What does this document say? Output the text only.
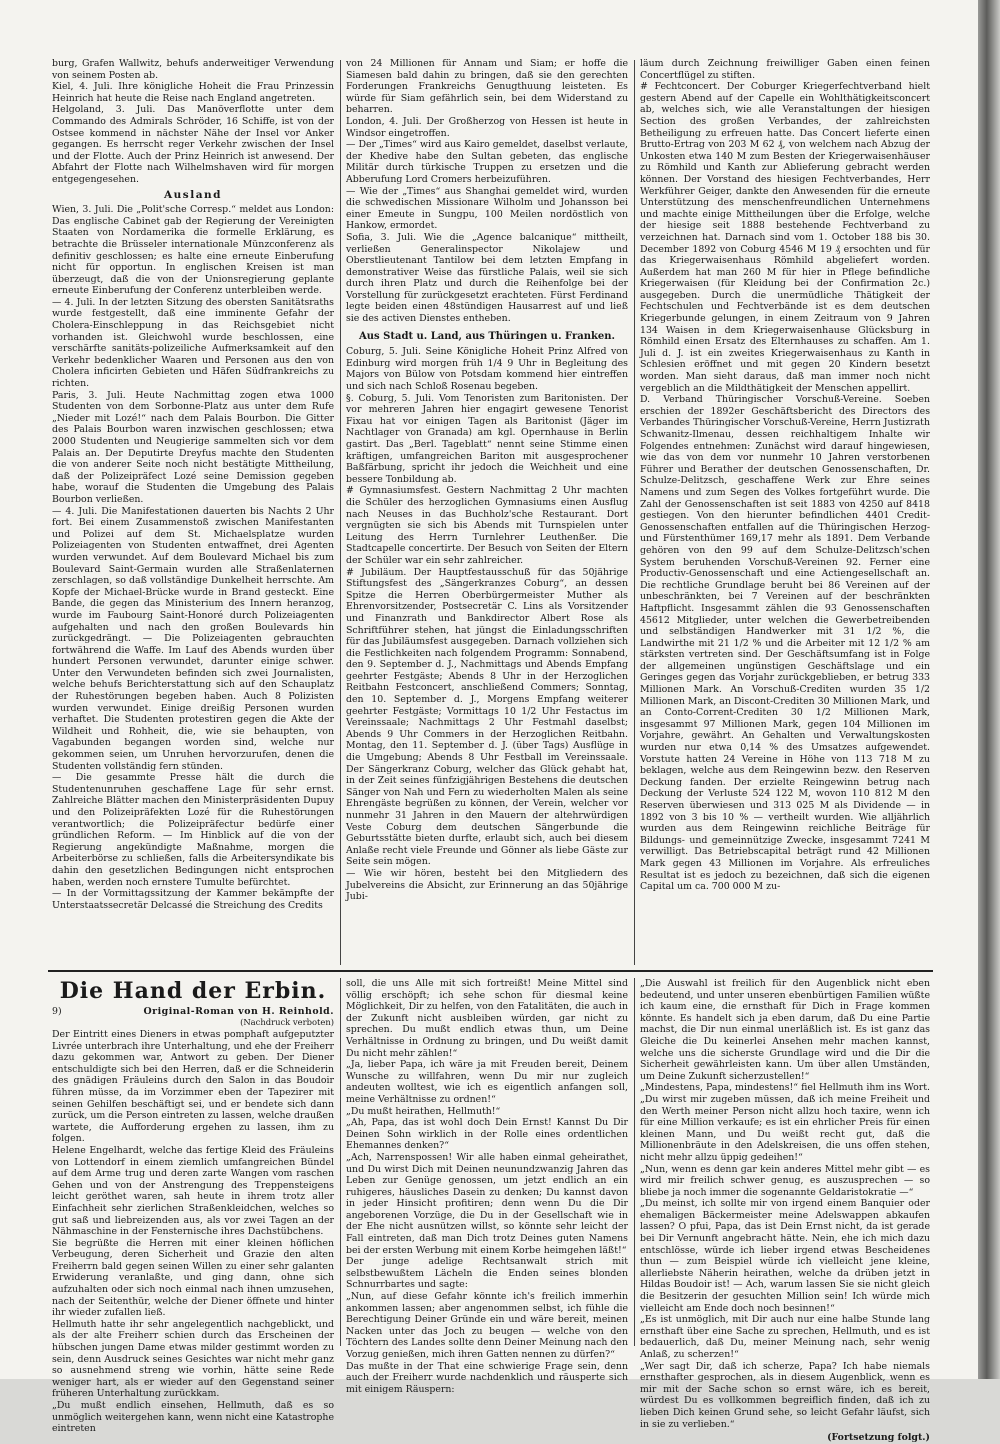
burg, Grafen Wallwitz, behufs anderweitiger Verwendung von seinem Posten ab.

Kiel, 4. Juli. Ihre königliche Hoheit die Frau Prinzessin Heinrich hat heute die Reise nach England angetreten.

Helgoland, 3. Juli. Das Manöverflotte unter dem Commando des Admirals Schröder, 16 Schiffe, ist von der Ostsee kommend in nächster Nähe der Insel vor Anker gegangen. Es herrscht reger Verkehr zwischen der Insel und der Flotte. Auch der Prinz Heinrich ist anwesend. Der Abfahrt der Flotte nach Wilhelmshaven wird für morgen entgegengesehen.

Ausland

Wien, 3. Juli. Die „Polit'sche Corresp.“ meldet aus London: Das englische Cabinet gab der Regierung der Vereinigten Staaten von Nordamerika die formelle Erklärung, es betrachte die Brüsseler internationale Münzconferenz als definitiv geschlossen; es halte eine erneute Einberufung nicht für opportun. In englischen Kreisen ist man überzeugt, daß die von der Unionsregierung geplante erneute Einberufung der Conferenz unterbleiben werde.

— 4. Juli. In der letzten Sitzung des obersten Sanitätsraths wurde festgestellt, daß eine imminente Gefahr der Cholera-Einschleppung in das Reichsgebiet nicht vorhanden ist. Gleichwohl wurde beschlossen, eine verschärfte sanitäts-polizeiliche Aufmerksamkeit auf den Verkehr bedenklicher Waaren und Personen aus den von Cholera inficirten Gebieten und Häfen Südfrankreichs zu richten.

Paris, 3. Juli. Heute Nachmittag zogen etwa 1000 Studenten von dem Sorbonne-Platz aus unter dem Rufe „Nieder mit Lozé!“ nach dem Palais Bourbon. Die Gitter des Palais Bourbon waren inzwischen geschlossen; etwa 2000 Studenten und Neugierige sammelten sich vor dem Palais an. Der Deputirte Dreyfus machte den Studenten die von anderer Seite noch nicht bestätigte Mittheilung, daß der Polizeipräfect Lozé seine Demission gegeben habe, worauf die Studenten die Umgebung des Palais Bourbon verließen.

— 4. Juli. Die Manifestationen dauerten bis Nachts 2 Uhr fort. Bei einem Zusammenstoß zwischen Manifestanten und Polizei auf dem St. Michaelsplatze wurden Polizeiagenten von Studenten entwaffnet, drei Agenten wurden verwundet. Auf dem Boulevard Michael bis zum Boulevard Saint-Germain wurden alle Straßenlaternen zerschlagen, so daß vollständige Dunkelheit herrschte. Am Kopfe der Michael-Brücke wurde in Brand gesteckt. Eine Bande, die gegen das Ministerium des Innern heranzog, wurde im Faubourg Saint-Honoré durch Polizeiagenten aufgehalten und nach den großen Boulevards hin zurückgedrängt. — Die Polizeiagenten gebrauchten fortwährend die Waffe. Im Lauf des Abends wurden über hundert Personen verwundet, darunter einige schwer. Unter den Verwundeten befinden sich zwei Journalisten, welche behufs Berichterstattung sich auf den Schauplatz der Ruhestörungen begeben haben. Auch 8 Polizisten wurden verwundet. Einige dreißig Personen wurden verhaftet. Die Studenten protestiren gegen die Akte der Wildheit und Rohheit, die, wie sie behaupten, von Vagabunden begangen worden sind, welche nur gekommen seien, um Unruhen hervorzurufen, denen die Studenten vollständig fern stünden.

— Die gesammte Presse hält die durch die Studentenunruhen geschaffene Lage für sehr ernst. Zahlreiche Blätter machen den Ministerpräsidenten Dupuy und den Polizeipräfekten Lozé für die Ruhestörungen verantwortlich; die Polizeipräfectur bedürfe einer gründlichen Reform. — Im Hinblick auf die von der Regierung angekündigte Maßnahme, morgen die Arbeiterbörse zu schließen, falls die Arbeitersyndikate bis dahin den gesetzlichen Bedingungen nicht entsprochen haben, werden noch ernstere Tumulte befürchtet.

— In der Vormittagssitzung der Kammer bekämpfte der Unterstaatssecretär Delcassé die Streichung des Credits

von 24 Millionen für Annam und Siam; er hoffe die Siamesen bald dahin zu bringen, daß sie den gerechten Forderungen Frankreichs Genugthuung leisteten. Es würde für Siam gefährlich sein, bei dem Widerstand zu beharren.

London, 4. Juli. Der Großherzog von Hessen ist heute in Windsor eingetroffen.

— Der „Times“ wird aus Kairo gemeldet, daselbst verlaute, der Khedive habe den Sultan gebeten, das englische Militär durch türkische Truppen zu ersetzen und die Abberufung Lord Cromers herbeizuführen.

— Wie der „Times“ aus Shanghai gemeldet wird, wurden die schwedischen Missionare Wilholm und Johansson bei einer Emeute in Sungpu, 100 Meilen nordöstlich von Hankow, ermordet.

Sofia, 3. Juli. Wie die „Agence balcanique“ mittheilt, verließen Generalinspector Nikolajew und Oberstlieutenant Tantilow bei dem letzten Empfang in demonstrativer Weise das fürstliche Palais, weil sie sich durch ihren Platz und durch die Reihenfolge bei der Vorstellung für zurückgesetzt erachteten. Fürst Ferdinand legte beiden einen 48stündigen Hausarrest auf und ließ sie des activen Dienstes entheben.

Aus Stadt u. Land, aus Thüringen u. Franken.

Coburg, 5. Juli. Seine Königliche Hoheit Prinz Alfred von Edinburg wird morgen früh 1/4 9 Uhr in Begleitung des Majors von Bülow von Potsdam kommend hier eintreffen und sich nach Schloß Rosenau begeben.

§. Coburg, 5. Juli. Vom Tenoristen zum Baritonisten. Der vor mehreren Jahren hier engagirt gewesene Tenorist Fixau hat vor einigen Tagen als Baritonist (Jäger im Nachtlager von Granada) am kgl. Opernhause in Berlin gastirt. Das „Berl. Tageblatt“ nennt seine Stimme einen kräftigen, umfangreichen Bariton mit ausgesprochener Baßfärbung, spricht ihr jedoch die Weichheit und eine bessere Tonbildung ab.

# Gymnasiumsfest. Gestern Nachmittag 2 Uhr machten die Schüler des herzoglichen Gymnasiums einen Ausflug nach Neuses in das Buchholz'sche Restaurant. Dort vergnügten sie sich bis Abends mit Turnspielen unter Leitung des Herrn Turnlehrer Leuthenßer. Die Stadtcapelle concertirte. Der Besuch von Seiten der Eltern der Schüler war ein sehr zahlreicher.

# Jubiläum. Der Hauptfestausschuß für das 50jährige Stiftungsfest des „Sängerkranzes Coburg“, an dessen Spitze die Herren Oberbürgermeister Muther als Ehrenvorsitzender, Postsecretär C. Lins als Vorsitzender und Finanzrath und Bankdirector Albert Rose als Schriftführer stehen, hat jüngst die Einladungsschriften für das Jubiläumsfest ausgegeben. Darnach vollziehen sich die Festlichkeiten nach folgendem Programm: Sonnabend, den 9. September d. J., Nachmittags und Abends Empfang geehrter Festgäste; Abends 8 Uhr in der Herzoglichen Reitbahn Festconcert, anschließend Commers; Sonntag, den 10. September d. J., Morgens Empfang weiterer geehrter Festgäste; Vormittags 10 1/2 Uhr Festactus im Vereinssaale; Nachmittags 2 Uhr Festmahl daselbst; Abends 9 Uhr Commers in der Herzoglichen Reitbahn. Montag, den 11. September d. J. (über Tags) Ausflüge in die Umgebung; Abends 8 Uhr Festball im Vereinssaale. Der Sängerkranz Coburg, welcher das Glück gehabt hat, in der Zeit seines fünfzigjährigen Bestehens die deutschen Sänger von Nah und Fern zu wiederholten Malen als seine Ehrengäste begrüßen zu können, der Verein, welcher vor nunmehr 31 Jahren in den Mauern der altehrwürdigen Veste Coburg dem deutschen Sängerbunde die Geburtsstätte bieten durfte, erlaubt sich, auch bei diesem Anlaße recht viele Freunde und Gönner als liebe Gäste zur Seite sein mögen.

— Wie wir hören, besteht bei den Mitgliedern des Jubelvereins die Absicht, zur Erinnerung an das 50jährige Jubi-

läum durch Zeichnung freiwilliger Gaben einen feinen Concertflügel zu stiften.

# Fechtconcert. Der Coburger Kriegerfechtverband hielt gestern Abend auf der Capelle ein Wohlthätigkeitsconcert ab, welches sich, wie alle Veranstaltungen der hiesigen Section des großen Verbandes, der zahlreichsten Betheiligung zu erfreuen hatte. Das Concert lieferte einen Brutto-Ertrag von 203 M 62 ₰, von welchem nach Abzug der Unkosten etwa 140 M zum Besten der Kriegerwaisenhäuser zu Römhild und Kanth zur Ablieferung gebracht werden können. Der Vorstand des hiesigen Fechtverbandes, Herr Werkführer Geiger, dankte den Anwesenden für die erneute Unterstützung des menschenfreundlichen Unternehmens und machte einige Mittheilungen über die Erfolge, welche der hiesige seit 1888 bestehende Fechtverband zu verzeichnen hat. Darnach sind vom 1. October 188 bis 30. December 1892 von Coburg 4546 M 19 ₰ ersochten und für das Kriegerwaisenhaus Römhild abgeliefert worden. Außerdem hat man 260 M für hier in Pflege befindliche Kriegerwaisen (für Kleidung bei der Confirmation 2c.) ausgegeben. Durch die unermüdliche Thätigkeit der Fechtschulen und Fechtverbände ist es dem deutschen Kriegerbunde gelungen, in einem Zeitraum von 9 Jahren 134 Waisen in dem Kriegerwaisenhause Glücksburg in Römhild einen Ersatz des Elternhauses zu schaffen. Am 1. Juli d. J. ist ein zweites Kriegerwaisenhaus zu Kanth in Schlesien eröffnet und mit gegen 20 Kindern besetzt worden. Man sieht daraus, daß man immer noch nicht vergeblich an die Mildthätigkeit der Menschen appellirt.

D. Verband Thüringischer Vorschuß-Vereine. Soeben erschien der 1892er Geschäftsbericht des Directors des Verbandes Thüringischer Vorschuß-Vereine, Herrn Justizrath Schwanitz-Ilmenau, dessen reichhaltigem Inhalte wir Folgendes entnehmen: Zunächst wird darauf hingewiesen, wie das von dem vor nunmehr 10 Jahren verstorbenen Führer und Berather der deutschen Genossenschaften, Dr. Schulze-Delitzsch, geschaffene Werk zur Ehre seines Namens und zum Segen des Volkes fortgeführt wurde. Die Zahl der Genossenschaften ist seit 1883 von 4250 auf 8418 gestiegen. Von den hierunter befindlichen 4401 Credit-Genossenschaften entfallen auf die Thüringischen Herzog- und Fürstenthümer 169,17 mehr als 1891. Dem Verbande gehören von den 99 auf dem Schulze-Delitzsch'schen System beruhenden Vorschuß-Vereinen 92. Ferner eine Productiv-Genossenschaft und eine Actiengesellschaft an. Die rechtliche Grundlage beruht bei 86 Vereinen auf der unbeschränkten, bei 7 Vereinen auf der beschränkten Haftpflicht. Insgesammt zählen die 93 Genossenschaften 45612 Mitglieder, unter welchen die Gewerbetreibenden und selbständigen Handwerker mit 31 1/2 %, die Landwirthe mit 21 1/2 % und die Arbeiter mit 12 1/2 % am stärksten vertreten sind. Der Geschäftsumfang ist in Folge der allgemeinen ungünstigen Geschäftslage und ein Geringes gegen das Vorjahr zurückgeblieben, er betrug 333 Millionen Mark. An Vorschuß-Crediten wurden 35 1/2 Millionen Mark, an Discont-Crediten 30 Millionen Mark, und an Conto-Corrent-Crediten 30 1/2 Millionen Mark, insgesammt 97 Millionen Mark, gegen 104 Millionen im Vorjahre, gewährt. An Gehalten und Verwaltungskosten wurden nur etwa 0,14 % des Umsatzes aufgewendet. Vorstute hatten 24 Vereine in Höhe von 113 718 M zu beklagen, welche aus dem Reingewinn bezw. den Reserven Deckung fanden. Der erzielte Reingewinn betrug nach Deckung der Verluste 524 122 M, wovon 110 812 M den Reserven überwiesen und 313 025 M als Dividende — in 1892 von 3 bis 10 % — vertheilt wurden. Wie alljährlich wurden aus dem Reingewinn reichliche Beiträge für Bildungs- und gemeinnützige Zwecke, insgesammt 7241 M verwilligt. Das Betriebscapital beträgt rund 42 Millionen Mark gegen 43 Millionen im Vorjahre. Als erfreuliches Resultat ist es jedoch zu bezeichnen, daß sich die eigenen Capital um ca. 700 000 M zu-

Die Hand der Erbin.
9)	Original-Roman von H. Reinhold.
(Nachdruck verboten)

Der Eintritt eines Dieners in etwas pomphaft aufgeputzter Livrée unterbrach ihre Unterhaltung, und ehe der Freiherr dazu gekommen war, Antwort zu geben. Der Diener entschuldigte sich bei den Herren, daß er die Schneiderin des gnädigen Fräuleins durch den Salon in das Boudoir führen müsse, da im Vorzimmer eben der Tapezirer mit seinen Gehilfen beschäftigt sei, und er bendete sich dann zurück, um die Person eintreten zu lassen, welche draußen wartete, die Aufforderung ergehen zu lassen, ihm zu folgen.

Helene Engelhardt, welche das fertige Kleid des Fräuleins von Lottendorf in einem ziemlich umfangreichen Bündel auf dem Arme trug und deren zarte Wangen vom raschen Gehen und von der Anstrengung des Treppensteigens leicht geröthet waren, sah heute in ihrem trotz aller Einfachheit sehr zierlichen Straßenkleidchen, welches so gut saß und liebreizenden aus, als vor zwei Tagen an der Nähmaschine in der Fensternische ihres Dachstübchens.

Sie begrüßte die Herren mit einer kleinen höflichen Verbeugung, deren Sicherheit und Grazie den alten Freiherrn bald gegen seinen Willen zu einer sehr galanten Erwiderung veranlaßte, und ging dann, ohne sich aufzuhalten oder sich noch einmal nach ihnen umzusehen, nach der Seitenthür, welche der Diener öffnete und hinter ihr wieder zufallen ließ.

Hellmuth hatte ihr sehr angelegentlich nachgeblickt, und als der alte Freiherr schien durch das Erscheinen der hübschen jungen Dame etwas milder gestimmt worden zu sein, denn Ausdruck seines Gesichtes war nicht mehr ganz so ausnehmend streng wie vorhin, hätte seine Rede weniger hart, als er wieder auf den Gegenstand seiner früheren Unterhaltung zurückkam.

„Du mußt endlich einsehen, Hellmuth, daß es so unmöglich weitergehen kann, wenn nicht eine Katastrophe eintreten

soll, die uns Alle mit sich fortreißt! Meine Mittel sind völlig erschöpft; ich sehe schon für diesmal keine Möglichkeit, Dir zu helfen, von den Fatalitäten, die auch in der Zukunft nicht ausbleiben würden, gar nicht zu sprechen. Du mußt endlich etwas thun, um Deine Verhältnisse in Ordnung zu bringen, und Du weißt damit Du nicht mehr zählen!“

„Ja, lieber Papa, ich wäre ja mit Freuden bereit, Deinem Wunsche zu willfahren, wenn Du mir nur zugleich andeuten wolltest, wie ich es eigentlich anfangen soll, meine Verhältnisse zu ordnen!“

„Du mußt heirathen, Hellmuth!“

„Ah, Papa, das ist wohl doch Dein Ernst! Kannst Du Dir Deinen Sohn wirklich in der Rolle eines ordentlichen Ehemannes denken?“

„Ach, Narrenspossen! Wir alle haben einmal geheirathet, und Du wirst Dich mit Deinen neunundzwanzig Jahren das Leben zur Genüge genossen, um jetzt endlich an ein ruhigeres, häusliches Dasein zu denken; Du kannst davon in jeder Hinsicht profitiren; denn wenn Du die Dir angeborenen Vorzüge, die Du in der Gesellschaft wie in der Ehe nicht ausnützen willst, so könnte sehr leicht der Fall eintreten, daß man Dich trotz Deines guten Namens bei der ersten Werbung mit einem Korbe heimgehen läßt!“

Der junge adelige Rechtsanwalt strich mit selbstbewußtem Lächeln die Enden seines blonden Schnurrbartes und sagte:

„Nun, auf diese Gefahr könnte ich's freilich immerhin ankommen lassen; aber angenommen selbst, ich fühle die Berechtigung Deiner Gründe ein und wäre bereit, meinen Nacken unter das Joch zu beugen — welche von den Töchtern des Landes sollte denn Deiner Meinung nach den Vorzug genießen, mich ihren Gatten nennen zu dürfen?“

Das mußte in der That eine schwierige Frage sein, denn auch der Freiherr wurde nachdenklich und räusperte sich mit einigem Räuspern:

„Die Auswahl ist freilich für den Augenblick nicht eben bedeutend, und unter unseren ebenbürtigen Familien wüßte ich kaum eine, die ernsthaft für Dich in Frage kommen könnte. Es handelt sich ja eben darum, daß Du eine Partie machst, die Dir nun einmal unerläßlich ist. Es ist ganz das Gleiche die Du keinerlei Ansehen mehr machen kannst, welche uns die sicherste Grundlage wird und die Dir die Sicherheit gewährleisten kann. Um über allen Umständen, um Deine Zukunft sicherzustellen!“

„Mindestens, Papa, mindestens!“ fiel Hellmuth ihm ins Wort. „Du wirst mir zugeben müssen, daß ich meine Freiheit und den Werth meiner Person nicht allzu hoch taxire, wenn ich für eine Million verkaufe; es ist ein ehrlicher Preis für einen kleinen Mann, und Du weißt recht gut, daß die Millionenbräute in den Adelskreisen, die uns offen stehen, nicht mehr allzu üppig gedeihen!“

„Nun, wenn es denn gar kein anderes Mittel mehr gibt — es wird mir freilich schwer genug, es auszusprechen — so bliebe ja noch immer die sogenannte Geldaristokratie —“

„Du meinst, ich sollte mir von irgend einem Banquier oder ehemaligen Bäckermeister meine Adelswappen abkaufen lassen? O pfui, Papa, das ist Dein Ernst nicht, da ist gerade bei Dir Vernunft angebracht hätte. Nein, ehe ich mich dazu entschlösse, würde ich lieber irgend etwas Bescheidenes thun — zum Beispiel würde ich vielleicht jene kleine, allerliebste Näherin heirathen, welche da drüben jetzt in Hildas Boudoir ist! — Ach, warum lassen Sie sie nicht gleich die Besitzerin der gesuchten Million sein! Ich würde mich vielleicht am Ende doch noch besinnen!“

„Es ist unmöglich, mit Dir auch nur eine halbe Stunde lang ernsthaft über eine Sache zu sprechen, Hellmuth, und es ist bedauerlich, daß Du, meiner Meinung nach, sehr wenig Anlaß, zu scherzen!“

„Wer sagt Dir, daß ich scherze, Papa? Ich habe niemals ernsthafter gesprochen, als in diesem Augenblick, wenn es mir mit der Sache schon so ernst wäre, ich es bereit, würdest Du es vollkommen begreiflich finden, daß ich zu lieben Dich keinen Grund sehe, so leicht Gefahr läufst, sich in sie zu verlieben.“

(Fortsetzung folgt.)
